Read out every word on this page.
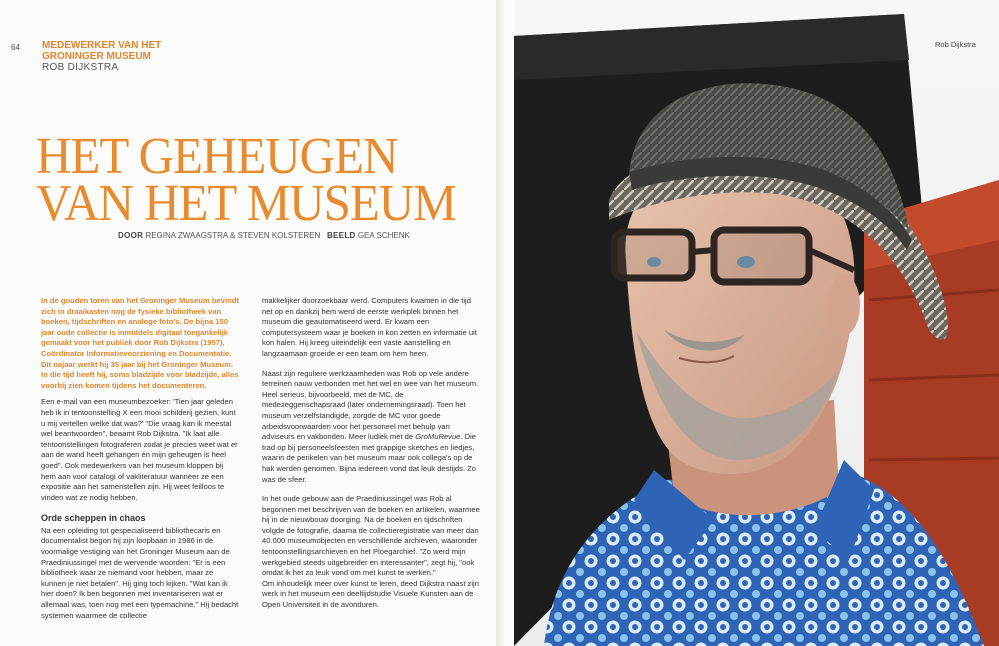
64 MEDEWERKER VAN HET
GRONINGER MUSEUM
ROB DIJKSTRA
HET GEHEUGEN
VAN HET MUSEUM
DOOR REGINA ZWAAGSTRA & STEVEN KOLSTEREN BEELD GEA SCHENK

In de gouden toren van het Groninger Museum bevindt zich in draaikasten nog de fysieke bibliotheek van boeken, tijdschriften en analoge foto's. De bijna 150 jaar oude collectie is inmiddels digitaal toegankelijk gemaakt voor het publiek door Rob Dijkstra (1957), Coördinator Informatievoorziening en Documentatie. Dit najaar werkt hij 35 jaar bij het Groninger Museum. In die tijd heeft hij, soms bladzijde voor bladzijde, alles voorbij zien komen tijdens het documenteren.

Een e-mail van een museumbezoeker: 'Tien jaar geleden heb ik in tentoonstelling X een mooi schilderij gezien, kunt u mij vertellen welke dat was?' "Die vraag kan ik meestal wel beantwoorden", beaamt Rob Dijkstra. "Ik laat alle tentoonstellingen fotograferen zodat je precies weet wat er aan de wand heeft gehangen én mijn geheugen is heel goed". Ook medewerkers van het museum kloppen bij hem aan voor catalogi of vakliteratuur wanneer ze een expositie aan het samenstellen zijn. Hij weet feilloos te vinden wat ze nodig hebben.

Orde scheppen in chaos

Na een opleiding tot gespecialiseerd bibliothecaris en documentalist begon hij zijn loopbaan in 1986 in de voormalige vestiging van het Groninger Museum aan de Praediniussingel met de wervende woorden: "Er is een bibliotheek waar ze niemand voor hebben, maar ze kunnen je niet betalen". Hij ging toch kijken. "Wat kan ik hier doen? Ik ben begonnen met inventariseren wat er allemaal was, toen nog met een typemachine." Hij bedacht systemen waarmee de collectie

makkelijker doorzoekbaar werd. Computers kwamen in die tijd net op en dankzij hem werd de eerste werkplek binnen het museum die geautomatiseerd werd. Er kwam een computersysteem waar je boeken in kon zetten en informatie uit kon halen. Hij kreeg uiteindelijk een vaste aanstelling en langzaamaan groeide er een team om hem heen.

Naast zijn reguliere werkzaamheden was Rob op vele andere terreinen nauw verbonden met het wel en wee van het museum. Heel serieus, bijvoorbeeld, met de MC, de medezeggenschapsraad (later ondernemingsraad). Toen het museum verzelfstandigde, zorgde de MC voor goede arbeidsvoorwaarden voor het personeel met behulp van adviseurs en vakbonden. Meer ludiek met de GroMuRevue. Die trad op bij personeelsfeesten met grappige sketches en liedjes, waarin de perikelen van het museum maar ook collega's op de hak werden genomen. Bijna iedereen vond dat leuk destijds. Zo was de sfeer.

In het oude gebouw aan de Praediniussingel was Rob al begonnen met beschrijven van de boeken en artikelen, waarmee hij in de nieuwbouw doorging. Na de boeken en tijdschriften volgde de fotografie, daarna de collectieregistratie van meer dan 40.000 museumobjecten en verschillende archieven, waaronder tentoonstellingsarchieven en het Ploegarchief. "Zo werd mijn werkgebied steeds uitgebreider en interessanter", zegt hij, "ook omdat ik het zo leuk vond om met kunst te werken."

Om inhoudelijk meer over kunst te leren, deed Dijkstra naast zijn werk in het museum een deeltijdstudie Visuele Kunsten aan de Open Universiteit in de avonduren.

Rob Dijkstra
